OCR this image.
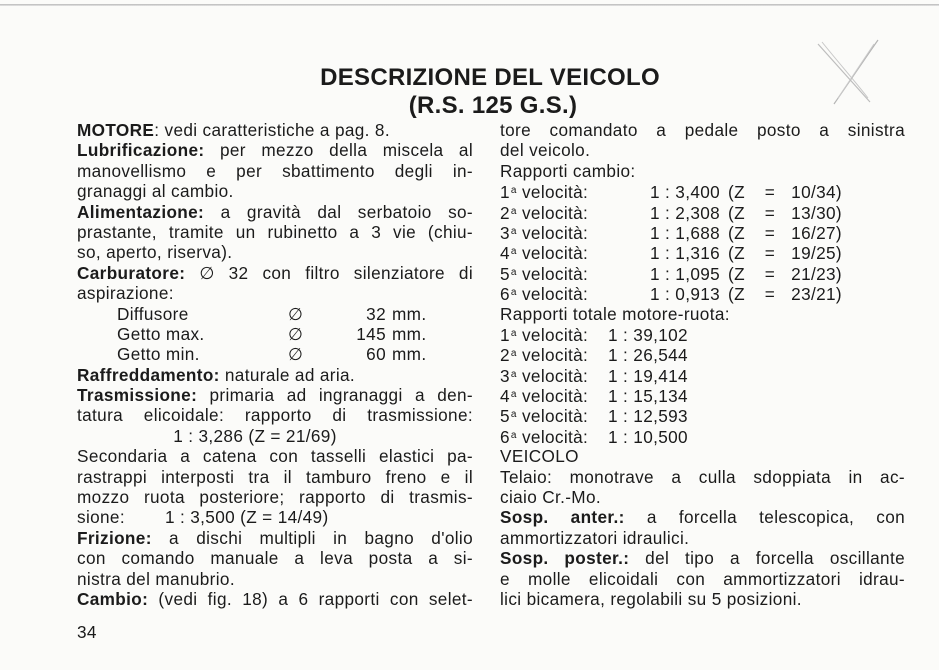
DESCRIZIONE DEL VEICOLO
(R.S. 125 G.S.)
MOTORE: vedi caratteristiche a pag. 8.
Lubrificazione: per mezzo della miscela al
manovellismo e per sbattimento degli in-
granaggi al cambio.
Alimentazione: a gravità dal serbatoio so-
prastante, tramite un rubinetto a 3 vie (chiu-
so, aperto, riserva).
Carburatore: ∅ 32 con filtro silenziatore di
aspirazione:
Diffusore	∅	32 mm.
Getto max.	∅	145 mm.
Getto min.	∅	60 mm.
Raffreddamento: naturale ad aria.
Trasmissione: primaria ad ingranaggi a den-
tatura elicoidale: rapporto di trasmissione:
1 : 3,286 (Z = 21/69)
Secondaria a catena con tasselli elastici pa-
rastrappi interposti tra il tamburo freno e il
mozzo ruota posteriore; rapporto di trasmis-
sione: 1 : 3,500 (Z = 14/49)
Frizione: a dischi multipli in bagno d'olio
con comando manuale a leva posta a si-
nistra del manubrio.
Cambio: (vedi fig. 18) a 6 rapporti con selet-
tore comandato a pedale posto a sinistra
del veicolo.
Rapporti cambio:
1$^a$ velocità:	1 : 3,400 (Z = 10/34)
2$^a$ velocità:	1 : 2,308 (Z = 13/30)
3$^a$ velocità:	1 : 1,688 (Z = 16/27)
4$^a$ velocità:	1 : 1,316 (Z = 19/25)
5$^a$ velocità:	1 : 1,095 (Z = 21/23)
6$^a$ velocità:	1 : 0,913 (Z = 23/21)
Rapporti totale motore-ruota:
1$^a$ velocità: 1 : 39,102
2$^a$ velocità: 1 : 26,544
3$^a$ velocità: 1 : 19,414
4$^a$ velocità: 1 : 15,134
5$^a$ velocità: 1 : 12,593
6$^a$ velocità: 1 : 10,500
VEICOLO
Telaio: monotrave a culla sdoppiata in ac-
ciaio Cr.-Mo.
Sosp. anter.: a forcella telescopica, con
ammortizzatori idraulici.
Sosp. poster.: del tipo a forcella oscillante
e molle elicoidali con ammortizzatori idrau-
lici bicamera, regolabili su 5 posizioni.
34
